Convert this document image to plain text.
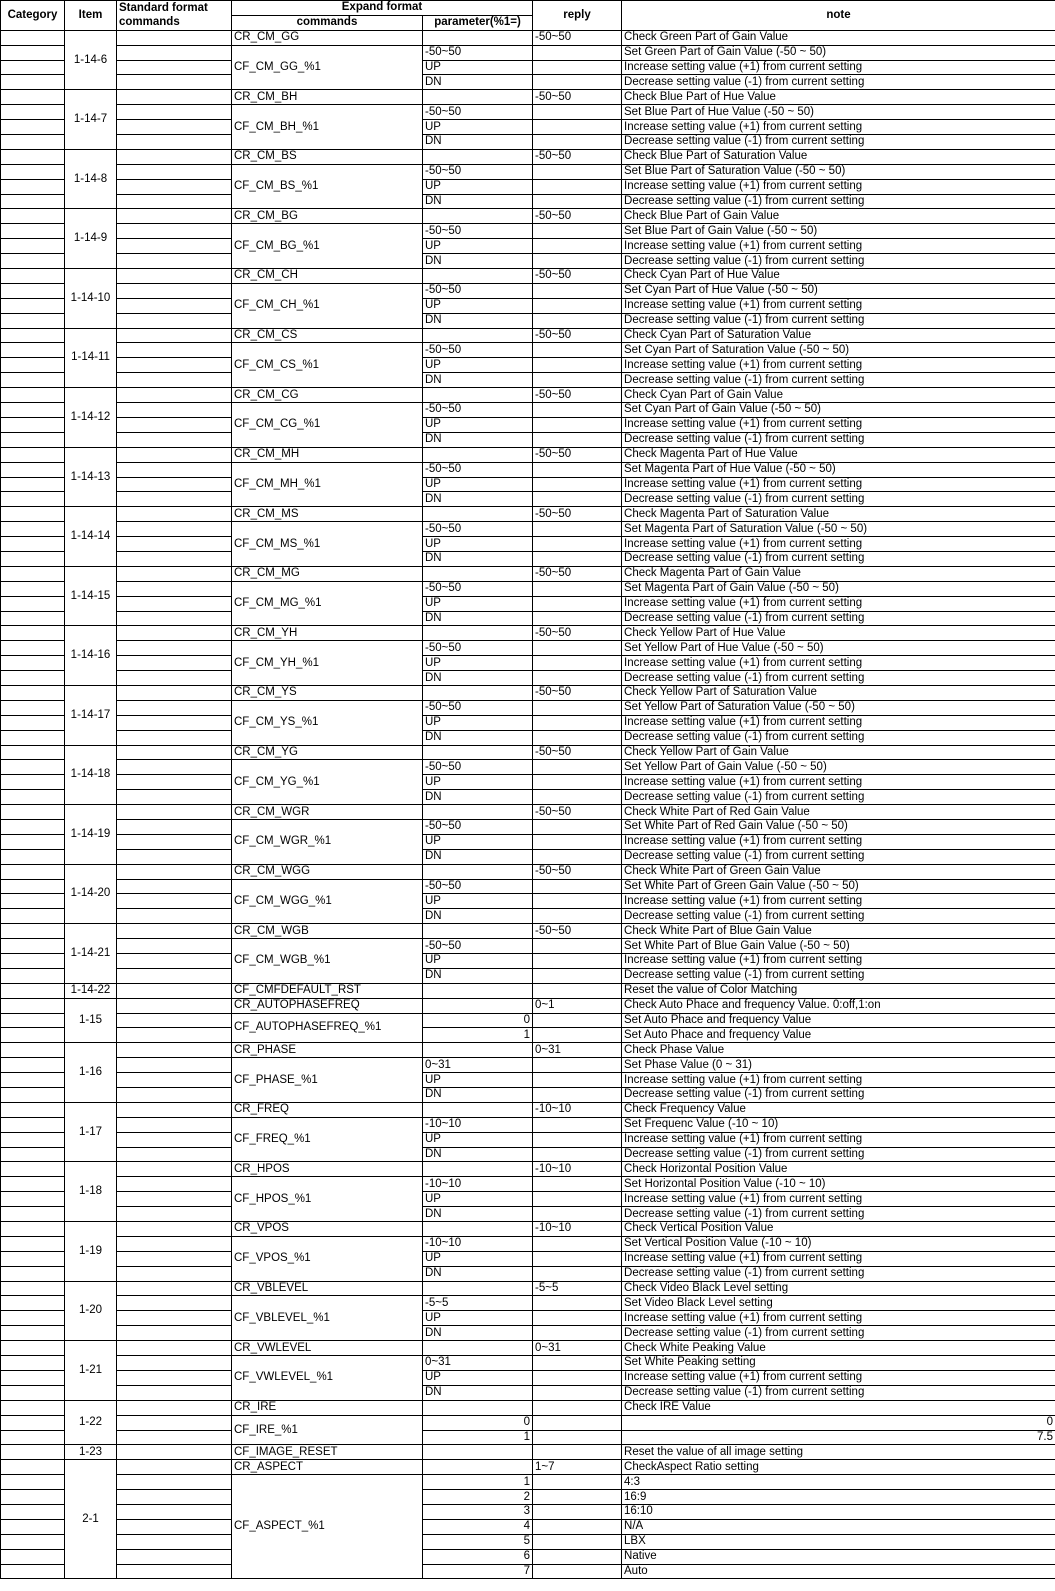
Category	Item	Standard format	Expand format		reply	note
		commands	commands	parameter(%1=)		
	1-14-6		CR_CM_GG		-50~50	Check Green Part of Gain Value
			CF_CM_GG_%1	-50~50		Set Green Part of Gain Value (-50 ~ 50)
				UP		Increase setting value (+1) from current setting
				DN		Decrease setting value (-1) from current setting
	1-14-7		CR_CM_BH		-50~50	Check Blue Part of Hue Value
			CF_CM_BH_%1	-50~50		Set Blue Part of Hue Value (-50 ~ 50)
				UP		Increase setting value (+1) from current setting
				DN		Decrease setting value (-1) from current setting
	1-14-8		CR_CM_BS		-50~50	Check Blue Part of Saturation Value
			CF_CM_BS_%1	-50~50		Set Blue Part of Saturation Value (-50 ~ 50)
				UP		Increase setting value (+1) from current setting
				DN		Decrease setting value (-1) from current setting
	1-14-9		CR_CM_BG		-50~50	Check Blue Part of Gain Value
			CF_CM_BG_%1	-50~50		Set Blue Part of Gain Value (-50 ~ 50)
				UP		Increase setting value (+1) from current setting
				DN		Decrease setting value (-1) from current setting
	1-14-10		CR_CM_CH		-50~50	Check Cyan Part of Hue Value
			CF_CM_CH_%1	-50~50		Set Cyan Part of Hue Value (-50 ~ 50)
				UP		Increase setting value (+1) from current setting
				DN		Decrease setting value (-1) from current setting
	1-14-11		CR_CM_CS		-50~50	Check Cyan Part of Saturation Value
			CF_CM_CS_%1	-50~50		Set Cyan Part of Saturation Value (-50 ~ 50)
				UP		Increase setting value (+1) from current setting
				DN		Decrease setting value (-1) from current setting
	1-14-12		CR_CM_CG		-50~50	Check Cyan Part of Gain Value
			CF_CM_CG_%1	-50~50		Set Cyan Part of Gain Value (-50 ~ 50)
				UP		Increase setting value (+1) from current setting
				DN		Decrease setting value (-1) from current setting
	1-14-13		CR_CM_MH		-50~50	Check Magenta Part of Hue Value
			CF_CM_MH_%1	-50~50		Set Magenta Part of Hue Value (-50 ~ 50)
				UP		Increase setting value (+1) from current setting
				DN		Decrease setting value (-1) from current setting
	1-14-14		CR_CM_MS		-50~50	Check Magenta Part of Saturation Value
			CF_CM_MS_%1	-50~50		Set Magenta Part of Saturation Value (-50 ~ 50)
				UP		Increase setting value (+1) from current setting
				DN		Decrease setting value (-1) from current setting
	1-14-15		CR_CM_MG		-50~50	Check Magenta Part of Gain Value
			CF_CM_MG_%1	-50~50		Set Magenta Part of Gain Value (-50 ~ 50)
				UP		Increase setting value (+1) from current setting
				DN		Decrease setting value (-1) from current setting
	1-14-16		CR_CM_YH		-50~50	Check Yellow Part of Hue Value
			CF_CM_YH_%1	-50~50		Set Yellow Part of Hue Value (-50 ~ 50)
				UP		Increase setting value (+1) from current setting
				DN		Decrease setting value (-1) from current setting
	1-14-17		CR_CM_YS		-50~50	Check Yellow Part of Saturation Value
			CF_CM_YS_%1	-50~50		Set Yellow Part of Saturation Value (-50 ~ 50)
				UP		Increase setting value (+1) from current setting
				DN		Decrease setting value (-1) from current setting
	1-14-18		CR_CM_YG		-50~50	Check Yellow Part of Gain Value
			CF_CM_YG_%1	-50~50		Set Yellow Part of Gain Value (-50 ~ 50)
				UP		Increase setting value (+1) from current setting
				DN		Decrease setting value (-1) from current setting
	1-14-19		CR_CM_WGR		-50~50	Check White Part of Red Gain Value
			CF_CM_WGR_%1	-50~50		Set White Part of Red Gain Value (-50 ~ 50)
				UP		Increase setting value (+1) from current setting
				DN		Decrease setting value (-1) from current setting
	1-14-20		CR_CM_WGG		-50~50	Check White Part of Green Gain Value
			CF_CM_WGG_%1	-50~50		Set White Part of Green Gain Value (-50 ~ 50)
				UP		Increase setting value (+1) from current setting
				DN		Decrease setting value (-1) from current setting
	1-14-21		CR_CM_WGB		-50~50	Check White Part of Blue Gain Value
			CF_CM_WGB_%1	-50~50		Set White Part of Blue Gain Value (-50 ~ 50)
				UP		Increase setting value (+1) from current setting
				DN		Decrease setting value (-1) from current setting
	1-14-22		CF_CMFDEFAULT_RST			Reset the value of Color Matching
	1-15		CR_AUTOPHASEFREQ		0~1	Check Auto Phace and frequency Value. 0:off,1:on
			CF_AUTOPHASEFREQ_%1	0		Set Auto Phace and frequency Value
				1		Set Auto Phace and frequency Value
	1-16		CR_PHASE		0~31	Check Phase Value
			CF_PHASE_%1	0~31		Set Phase Value (0 ~ 31)
				UP		Increase setting value (+1) from current setting
				DN		Decrease setting value (-1) from current setting
	1-17		CR_FREQ		-10~10	Check Frequency Value
			CF_FREQ_%1	-10~10		Set Frequenc Value (-10 ~ 10)
				UP		Increase setting value (+1) from current setting
				DN		Decrease setting value (-1) from current setting
	1-18		CR_HPOS		-10~10	Check Horizontal Position Value
			CF_HPOS_%1	-10~10		Set Horizontal Position Value (-10 ~ 10)
				UP		Increase setting value (+1) from current setting
				DN		Decrease setting value (-1) from current setting
	1-19		CR_VPOS		-10~10	Check Vertical Position Value
			CF_VPOS_%1	-10~10		Set Vertical Position Value (-10 ~ 10)
				UP		Increase setting value (+1) from current setting
				DN		Decrease setting value (-1) from current setting
	1-20		CR_VBLEVEL		-5~5	Check Video Black Level setting
			CF_VBLEVEL_%1	-5~5		Set Video Black Level setting
				UP		Increase setting value (+1) from current setting
				DN		Decrease setting value (-1) from current setting
	1-21		CR_VWLEVEL		0~31	Check White Peaking Value
			CF_VWLEVEL_%1	0~31		Set White Peaking setting
				UP		Increase setting value (+1) from current setting
				DN		Decrease setting value (-1) from current setting
	1-22		CR_IRE			Check IRE Value
			CF_IRE_%1	0		0
				1		7.5
	1-23		CF_IMAGE_RESET			Reset the value of all image setting
	2-1		CR_ASPECT		1~7	CheckAspect Ratio setting
			CF_ASPECT_%1	1		4:3
				2		16:9
				3		16:10
				4		N/A
				5		LBX
				6		Native
				7		Auto
